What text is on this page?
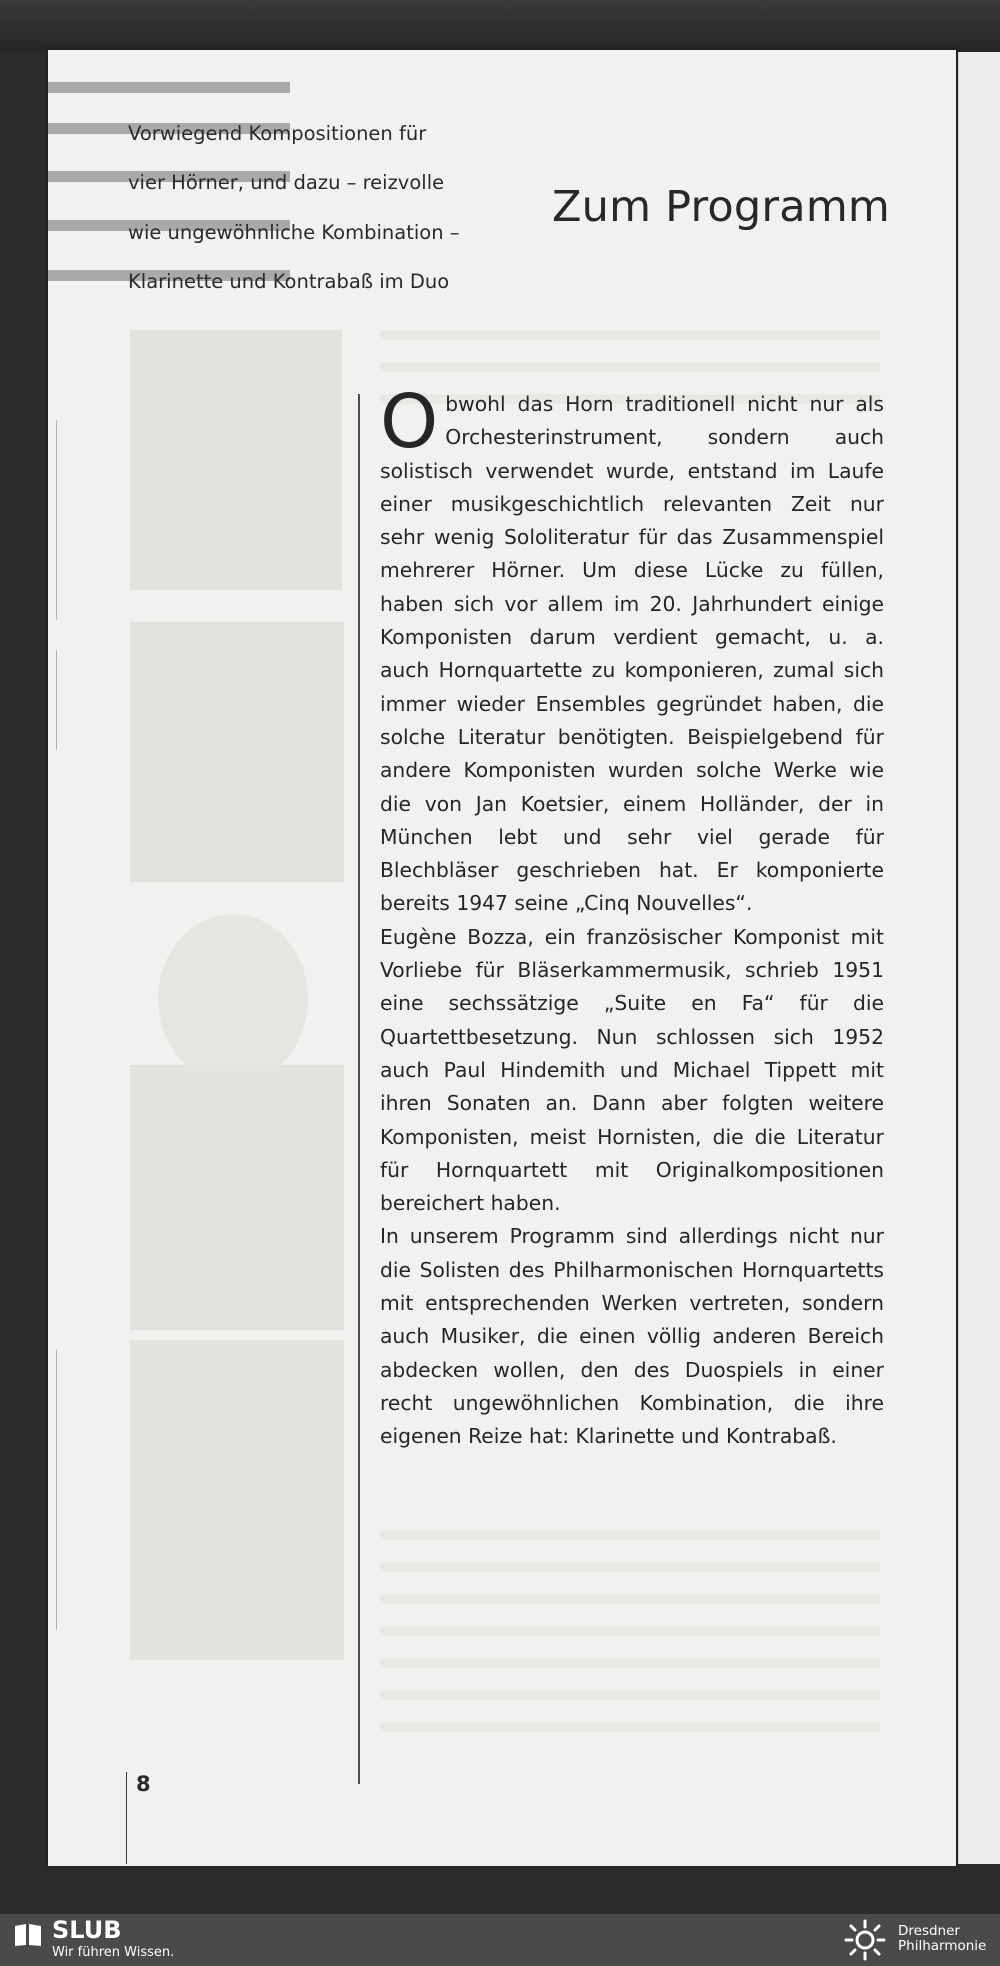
Vorwiegend Kompositionen für
vier Hörner, und dazu – reizvolle
wie ungewöhnliche Kombination –
Klarinette und Kontrabaß im Duo
Zum Programm

Obwohl das Horn traditionell nicht nur als Orchesterinstrument, sondern auch solistisch verwendet wurde, entstand im Laufe einer musikgeschichtlich relevanten Zeit nur sehr wenig Sololiteratur für das Zusammenspiel mehrerer Hörner. Um diese Lücke zu füllen, haben sich vor allem im 20. Jahrhundert einige Komponisten darum verdient gemacht, u. a. auch Hornquartette zu komponieren, zumal sich immer wieder Ensembles gegründet haben, die solche Literatur benötigten. Beispielgebend für andere Komponisten wurden solche Werke wie die von Jan Koetsier, einem Holländer, der in München lebt und sehr viel gerade für Blechbläser geschrieben hat. Er komponierte bereits 1947 seine „Cinq Nouvelles“.

Eugène Bozza, ein französischer Komponist mit Vorliebe für Bläserkammermusik, schrieb 1951 eine sechssätzige „Suite en Fa“ für die Quartettbesetzung. Nun schlossen sich 1952 auch Paul Hindemith und Michael Tippett mit ihren Sonaten an. Dann aber folgten weitere Komponisten, meist Hornisten, die die Literatur für Hornquartett mit Originalkompositionen bereichert haben.

In unserem Programm sind allerdings nicht nur die Solisten des Philharmonischen Hornquartetts mit entsprechenden Werken vertreten, sondern auch Musiker, die einen völlig anderen Bereich abdecken wollen, den des Duospiels in einer recht ungewöhnlichen Kombination, die ihre eigenen Reize hat: Klarinette und Kontrabaß.

8
SLUB
Wir führen Wissen.
Dresdner
Philharmonie
